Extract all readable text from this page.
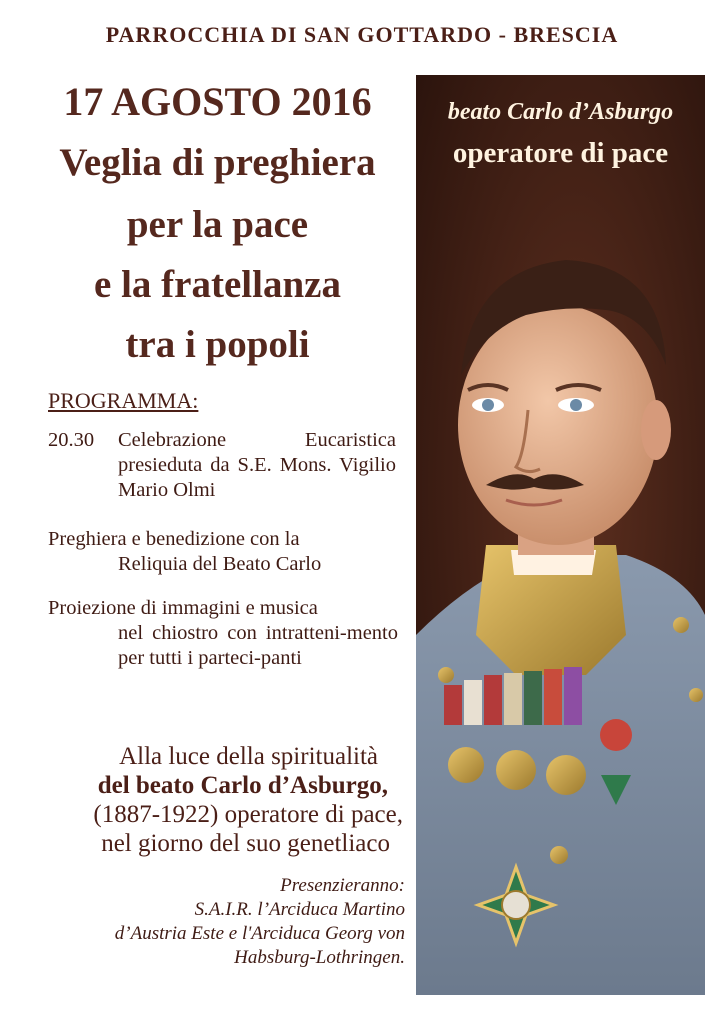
PARROCCHIA DI SAN GOTTARDO - BRESCIA
17 AGOSTO 2016
Veglia di preghiera
per la pace
e la fratellanza
tra i popoli
PROGRAMMA:
20.30 Celebrazione Eucaristica presieduta da S.E. Mons. Vigilio Mario Olmi
Preghiera e benedizione con la
Reliquia del Beato Carlo
Proiezione di immagini e musica
nel chiostro con intratteni-mento per tutti i parteci-panti
Alla luce della spiritualità
del beato Carlo d’Asburgo,
(1887-1922) operatore di pace,
nel giorno del suo genetliaco
Presenzieranno:
S.A.I.R. l’Arciduca Martino
d’Austria Este e l'Arciduca Georg von
Habsburg-Lothringen.
beato Carlo d’Asburgo
operatore di pace
